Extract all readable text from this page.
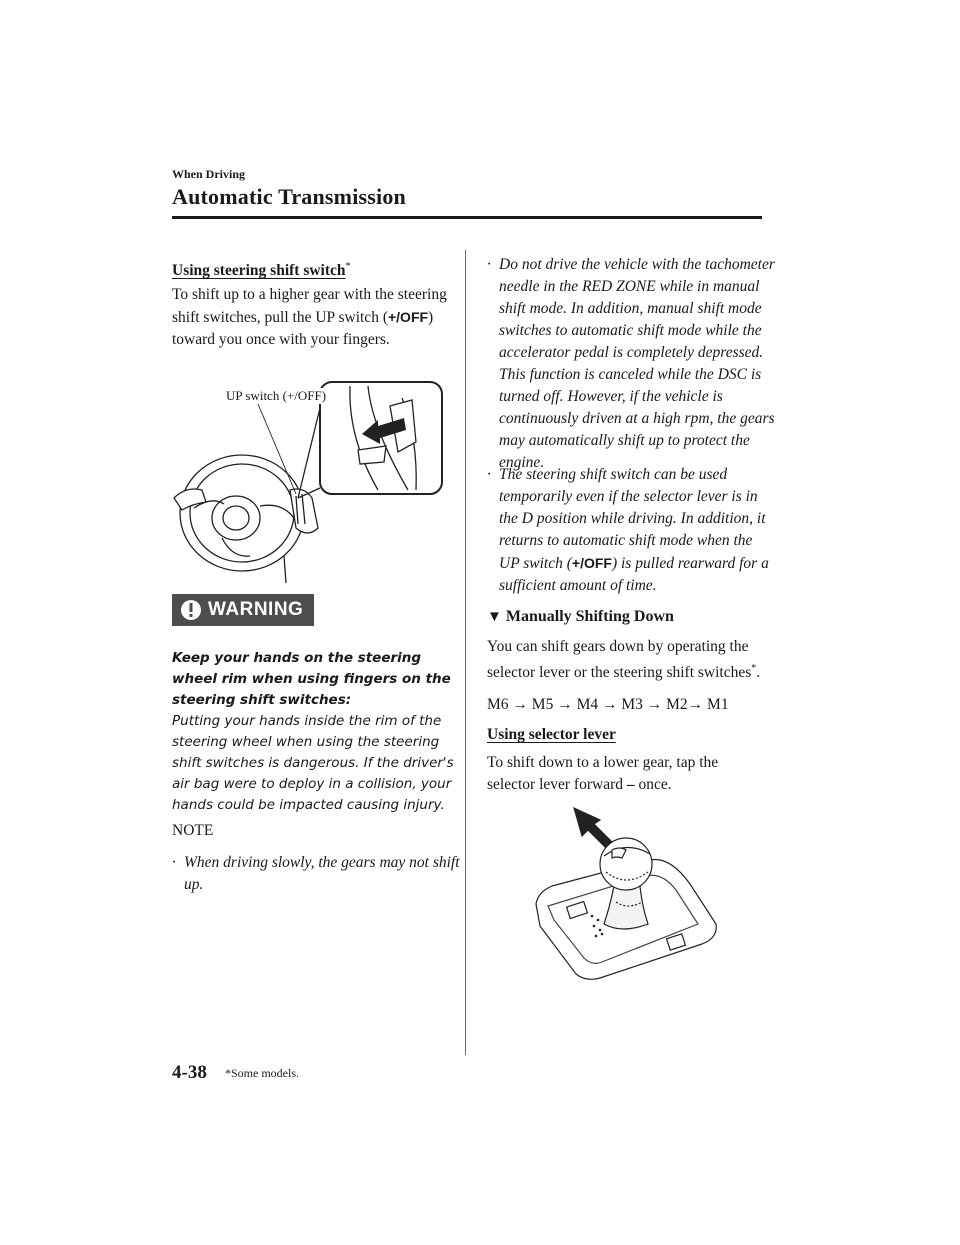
When Driving
Automatic Transmission
Using steering shift switch*
To shift up to a higher gear with the steering shift switches, pull the UP switch (+/OFF) toward you once with your fingers.
UP switch (+/OFF)
WARNING
Keep your hands on the steering wheel rim when using fingers on the steering shift switches:
Putting your hands inside the rim of the steering wheel when using the steering shift switches is dangerous. If the driver's air bag were to deploy in a collision, your hands could be impacted causing injury.
NOTE
· When driving slowly, the gears may not shift up.
· Do not drive the vehicle with the tachometer needle in the RED ZONE while in manual shift mode. In addition, manual shift mode switches to automatic shift mode while the accelerator pedal is completely depressed.
This function is canceled while the DSC is turned off. However, if the vehicle is continuously driven at a high rpm, the gears may automatically shift up to protect the engine.
· The steering shift switch can be used temporarily even if the selector lever is in the D position while driving. In addition, it returns to automatic shift mode when the UP switch (+/OFF) is pulled rearward for a sufficient amount of time.
▼ Manually Shifting Down
You can shift gears down by operating the selector lever or the steering shift switches*.
M6 → M5 → M4 → M3 → M2→ M1
Using selector lever
To shift down to a lower gear, tap the selector lever forward – once.
4-38 *Some models.
